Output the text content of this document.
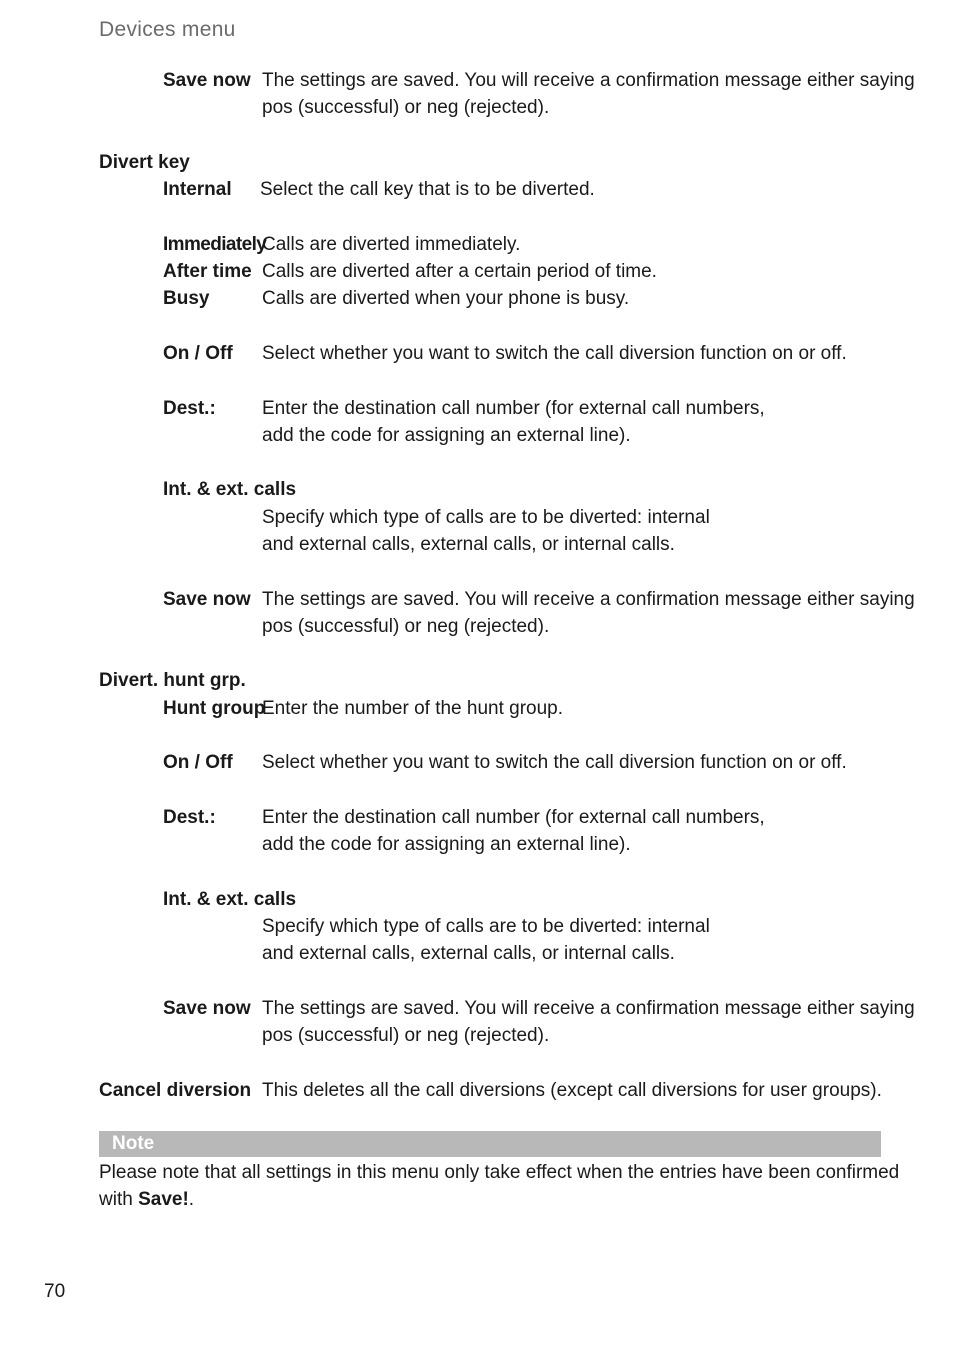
Devices menu
Save now The settings are saved. You will receive a confirmation message either saying
pos (successful) or neg (rejected).
Divert key
Internal Select the call key that is to be diverted.
Immediately
Calls are diverted immediately.
After time Calls are diverted after a certain period of time.
Busy	Calls are diverted when your phone is busy.
On / Off Select whether you want to switch the call diversion function on or off.
Dest.: Enter the destination call number (for external call numbers,
add the code for assigning an external line).
Int. & ext. calls
Specify which type of calls are to be diverted: internal
and external calls, external calls, or internal calls.
Save now The settings are saved. You will receive a confirmation message either saying
pos (successful) or neg (rejected).
Divert. hunt grp.
Hunt group
Enter the number of the hunt group.
On / Off Select whether you want to switch the call diversion function on or off.
Dest.: Enter the destination call number (for external call numbers,
add the code for assigning an external line).
Int. & ext. calls
Specify which type of calls are to be diverted: internal
and external calls, external calls, or internal calls.
Save now The settings are saved. You will receive a confirmation message either saying
pos (successful) or neg (rejected).
Cancel diversion This deletes all the call diversions (except call diversions for user groups).
Note
Please note that all settings in this menu only take effect when the entries have been confirmed
with Save!.
70
